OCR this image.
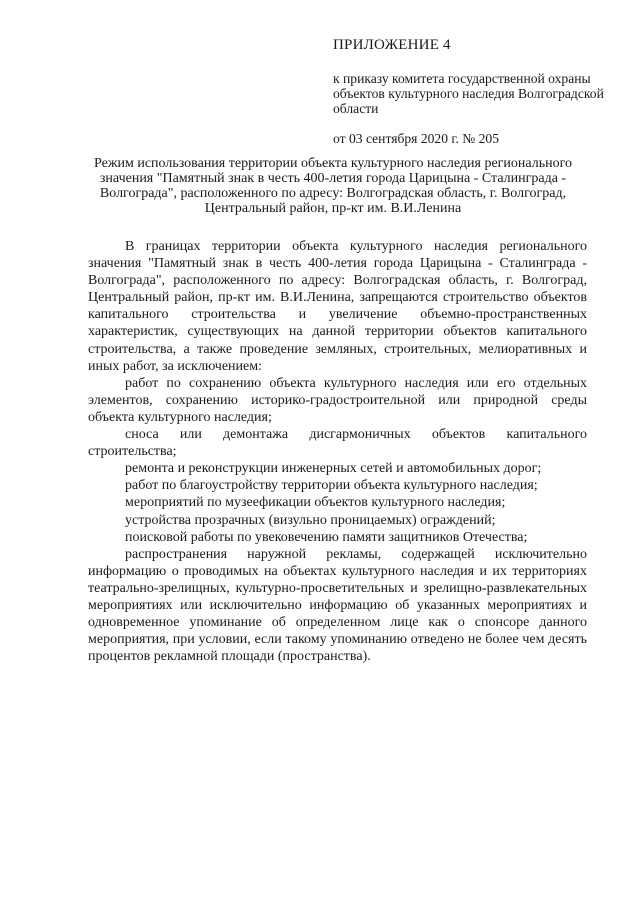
ПРИЛОЖЕНИЕ 4
к приказу комитета государственной охраны объектов культурного наследия Волгоградской области
от 03 сентября 2020 г. № 205
Режим использования территории объекта культурного наследия регионального значения "Памятный знак в честь 400-летия города Царицына - Сталинграда - Волгограда", расположенного по адресу: Волгоградская область, г. Волгоград, Центральный район, пр-кт им. В.И.Ленина

В границах территории объекта культурного наследия регионального значения "Памятный знак в честь 400-летия города Царицына - Сталинграда - Волгограда", расположенного по адресу: Волгоградская область, г. Волгоград, Центральный район, пр-кт им. В.И.Ленина, запрещаются строительство объектов капитального строительства и увеличение объемно-пространственных характеристик, существующих на данной территории объектов капитального строительства, а также проведение земляных, строительных, мелиоративных и иных работ, за исключением:

работ по сохранению объекта культурного наследия или его отдельных элементов, сохранению историко-градостроительной или природной среды объекта культурного наследия;

сноса или демонтажа дисгармоничных объектов капитального строительства;

ремонта и реконструкции инженерных сетей и автомобильных дорог;

работ по благоустройству территории объекта культурного наследия;

мероприятий по музеефикации объектов культурного наследия;

устройства прозрачных (визульно проницаемых) ограждений;

поисковой работы по увековечению памяти защитников Отечества;

распространения наружной рекламы, содержащей исключительно информацию о проводимых на объектах культурного наследия и их территориях театрально-зрелищных, культурно-просветительных и зрелищно-развлекательных мероприятиях или исключительно информацию об указанных мероприятиях и одновременное упоминание об определенном лице как о спонсоре данного мероприятия, при условии, если такому упоминанию отведено не более чем десять процентов рекламной площади (пространства).
